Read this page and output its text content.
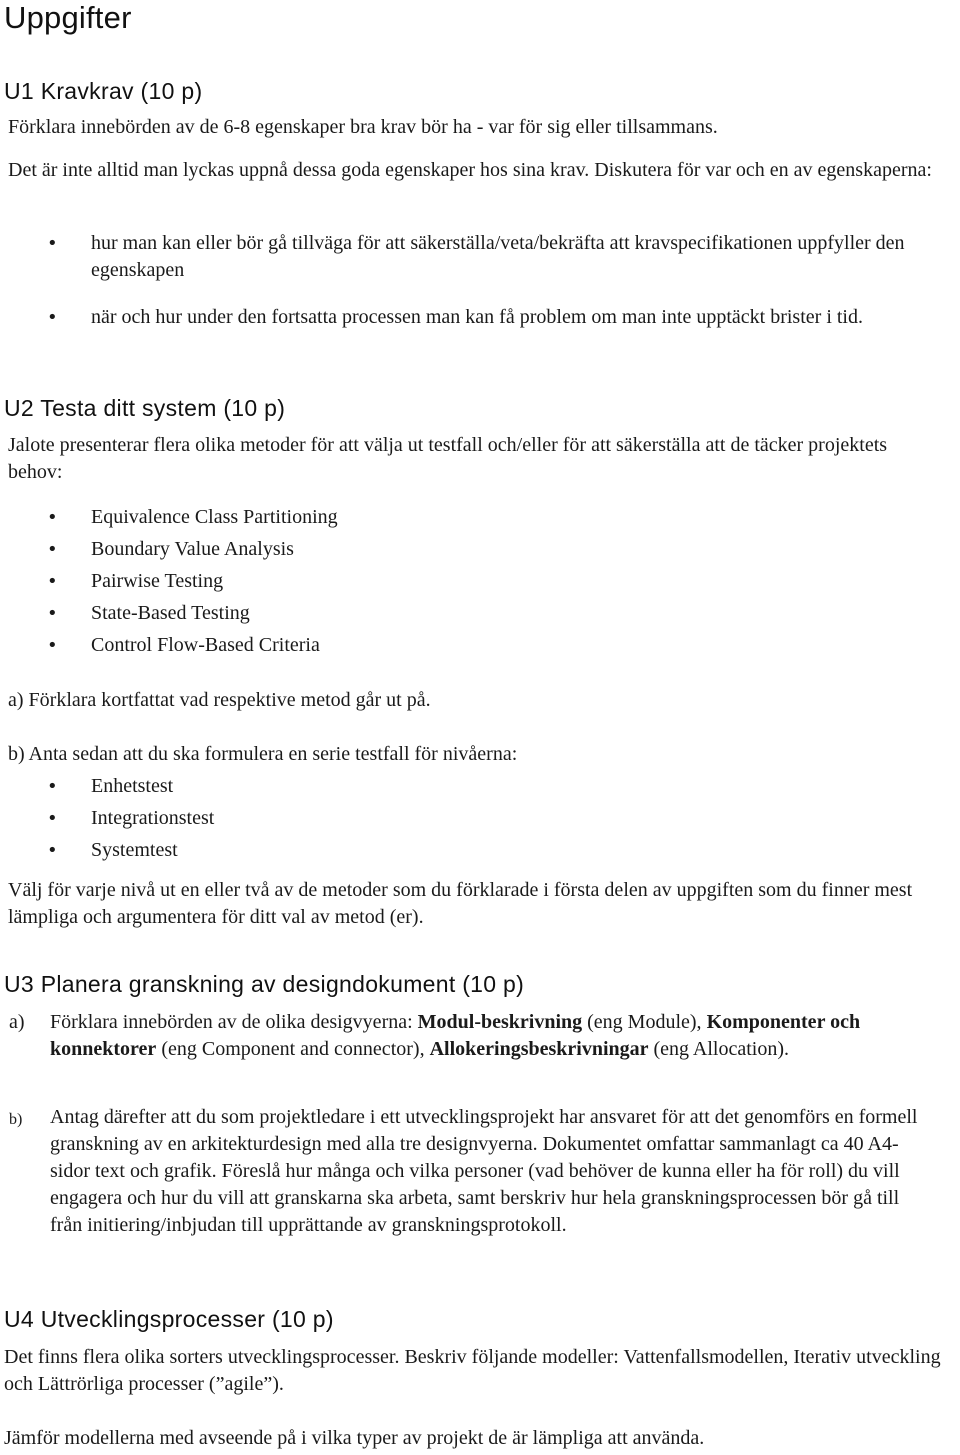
Uppgifter
U1 Kravkrav (10 p)

Förklara innebörden av de 6-8 egenskaper bra krav bör ha - var för sig eller tillsammans.

Det är inte alltid man lyckas uppnå dessa goda egenskaper hos sina krav. Diskutera för var och en av egenskaperna:

• hur man kan eller bör gå tillväga för att säkerställa/veta/bekräfta att kravspecifikationen uppfyller den egenskapen
• när och hur under den fortsatta processen man kan få problem om man inte upptäckt brister i tid.
U2 Testa ditt system (10 p)

Jalote presenterar flera olika metoder för att välja ut testfall och/eller för att säkerställa att de täcker projektets behov:

• Equivalence Class Partitioning
• Boundary Value Analysis
• Pairwise Testing
• State-Based Testing
• Control Flow-Based Criteria

a) Förklara kortfattat vad respektive metod går ut på.

b) Anta sedan att du ska formulera en serie testfall för nivåerna:

• Enhetstest
• Integrationstest
• Systemtest

Välj för varje nivå ut en eller två av de metoder som du förklarade i första delen av uppgiften som du finner mest lämpliga och argumentera för ditt val av metod (er).

U3 Planera granskning av designdokument (10 p)

a) Förklara innebörden av de olika desigvyerna: Modul-beskrivning (eng Module), Komponenter och konnektorer (eng Component and connector), Allokeringsbeskrivningar (eng Allocation).

b) Antag därefter att du som projektledare i ett utvecklingsprojekt har ansvaret för att det genomförs en formell granskning av en arkitekturdesign med alla tre designvyerna. Dokumentet omfattar sammanlagt ca 40 A4-sidor text och grafik. Föreslå hur många och vilka personer (vad behöver de kunna eller ha för roll) du vill engagera och hur du vill att granskarna ska arbeta, samt berskriv hur hela granskningsprocessen bör gå till från initiering/inbjudan till upprättande av granskningsprotokoll.

U4 Utvecklingsprocesser (10 p)

Det finns flera olika sorters utvecklingsprocesser. Beskriv följande modeller: Vattenfallsmodellen, Iterativ utveckling och Lättrörliga processer (”agile”).

Jämför modellerna med avseende på i vilka typer av projekt de är lämpliga att använda.
